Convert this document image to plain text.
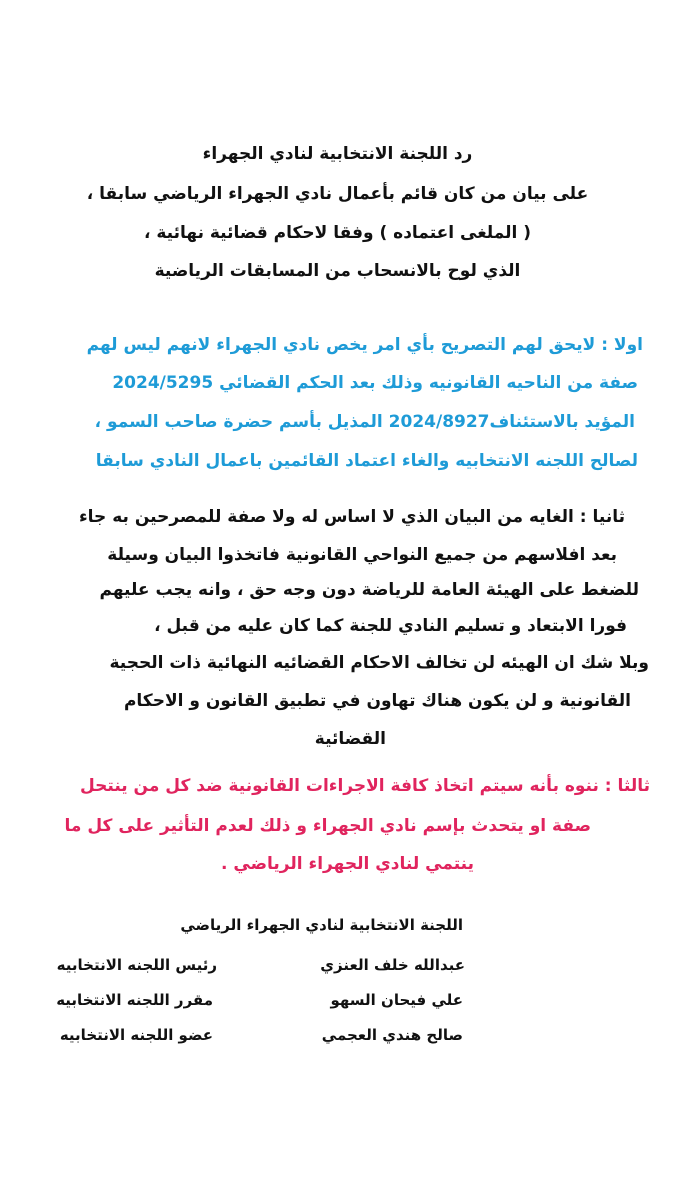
رد اللجنة الانتخابية لنادي الجهراء
على بيان من كان قائم بأعمال نادي الجهراء الرياضي سابقا ،
( الملغى اعتماده ) وفقا لاحكام قضائية نهائية ،
الذي لوح بالانسحاب من المسابقات الرياضية
اولا : لايحق لهم التصريح بأي امر يخص نادي الجهراء لانهم ليس لهم
صفة من الناحيه القانونيه وذلك بعد الحكم القضائي 2024/5295
المؤيد بالاستئناف2024/8927 المذيل بأسم حضرة صاحب السمو ،
لصالح اللجنه الانتخابيه والغاء اعتماد القائمين باعمال النادي سابقا
ثانيا : الغايه من البيان الذي لا اساس له ولا صفة للمصرحين به جاء
بعد افلاسهم من جميع النواحي القانونية فاتخذوا البيان وسيلة
للضغط على الهيئة العامة للرياضة دون وجه حق ، وانه يجب عليهم
فورا الابتعاد و تسليم النادي للجنة كما كان عليه من قبل ،
وبلا شك ان الهيئه لن تخالف الاحكام القضائيه النهائية ذات الحجية
القانونية و لن يكون هناك تهاون في تطبيق القانون و الاحكام
القضائية
ثالثا : ننوه بأنه سيتم اتخاذ كافة الاجراءات القانونية ضد كل من ينتحل
صفة او يتحدث بإسم نادي الجهراء و ذلك لعدم التأثير على كل ما
ينتمي لنادي الجهراء الرياضي .
اللجنة الانتخابية لنادي الجهراء الرياضي
عبدالله خلف العنزي
رئيس اللجنه الانتخابيه
علي فيحان السهو
مقرر اللجنه الانتخابيه
صالح هندي العجمي
عضو اللجنه الانتخابيه
